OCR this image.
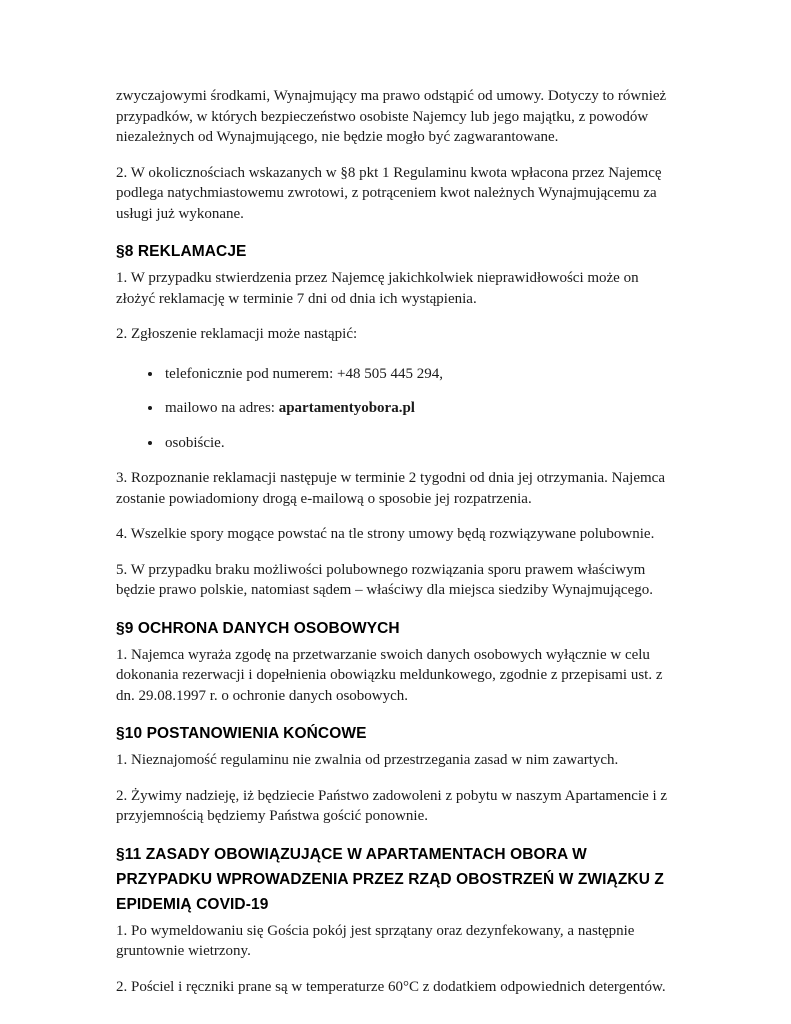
zwyczajowymi środkami, Wynajmujący ma prawo odstąpić od umowy. Dotyczy to również przypadków, w których bezpieczeństwo osobiste Najemcy lub jego majątku, z powodów niezależnych od Wynajmującego, nie będzie mogło być zagwarantowane.

2. W okolicznościach wskazanych w §8 pkt 1 Regulaminu kwota wpłacona przez Najemcę podlega natychmiastowemu zwrotowi, z potrąceniem kwot należnych Wynajmującemu za usługi już wykonane.

§8 REKLAMACJE

1. W przypadku stwierdzenia przez Najemcę jakichkolwiek nieprawidłowości może on złożyć reklamację w terminie 7 dni od dnia ich wystąpienia.

2. Zgłoszenie reklamacji może nastąpić:

• telefonicznie pod numerem: +48 505 445 294,
• mailowo na adres: apartamentyobora.pl
• osobiście.

3. Rozpoznanie reklamacji następuje w terminie 2 tygodni od dnia jej otrzymania. Najemca zostanie powiadomiony drogą e-mailową o sposobie jej rozpatrzenia.

4. Wszelkie spory mogące powstać na tle strony umowy będą rozwiązywane polubownie.

5. W przypadku braku możliwości polubownego rozwiązania sporu prawem właściwym będzie prawo polskie, natomiast sądem – właściwy dla miejsca siedziby Wynajmującego.

§9 OCHRONA DANYCH OSOBOWYCH

1. Najemca wyraża zgodę na przetwarzanie swoich danych osobowych wyłącznie w celu dokonania rezerwacji i dopełnienia obowiązku meldunkowego, zgodnie z przepisami ust. z dn. 29.08.1997 r. o ochronie danych osobowych.

§10 POSTANOWIENIA KOŃCOWE

1. Nieznajomość regulaminu nie zwalnia od przestrzegania zasad w nim zawartych.

2. Żywimy nadzieję, iż będziecie Państwo zadowoleni z pobytu w naszym Apartamencie i z przyjemnością będziemy Państwa gościć ponownie.

§11 ZASADY OBOWIĄZUJĄCE W APARTAMENTACH OBORA W PRZYPADKU WPROWADZENIA PRZEZ RZĄD OBOSTRZEŃ W ZWIĄZKU Z EPIDEMIĄ COVID-19

1. Po wymeldowaniu się Gościa pokój jest sprzątany oraz dezynfekowany, a następnie gruntownie wietrzony.

2. Pościel i ręczniki prane są w temperaturze 60°C z dodatkiem odpowiednich detergentów.
